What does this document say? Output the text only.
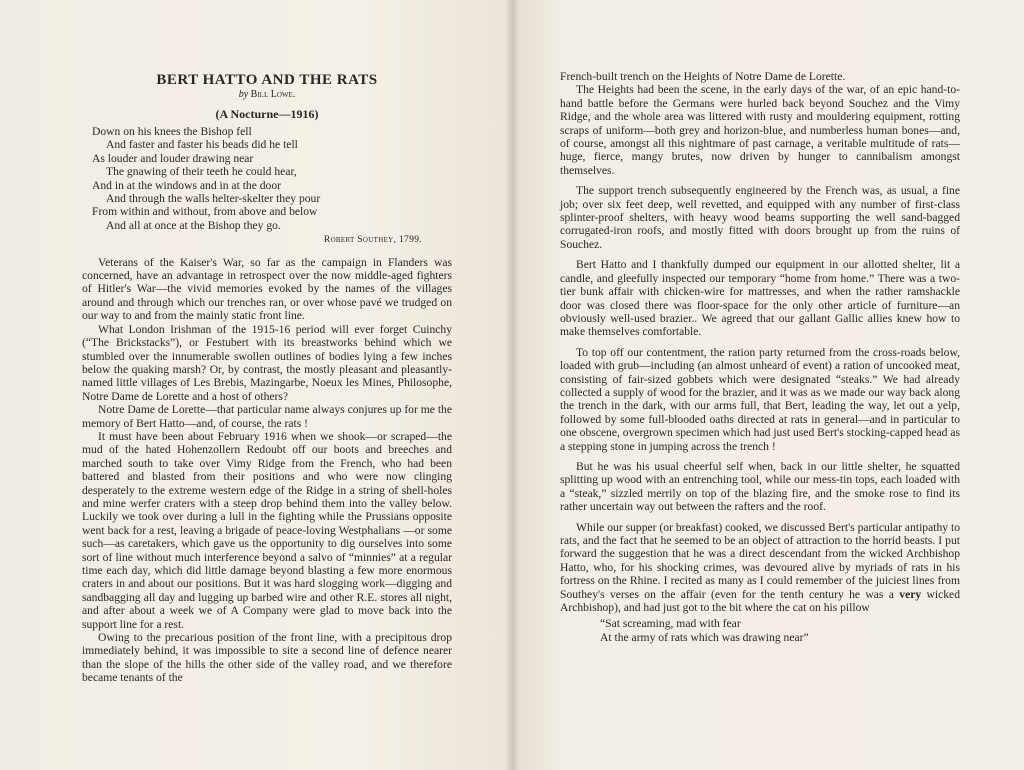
BERT HATTO AND THE RATS

by Bill Lowe.

(A Nocturne—1916)

Down on his knees the Bishop fell
And faster and faster his beads did he tell
As louder and louder drawing near
The gnawing of their teeth he could hear,
And in at the windows and in at the door
And through the walls helter-skelter they pour
From within and without, from above and below
And all at once at the Bishop they go.
Robert Southey, 1799.

Veterans of the Kaiser's War, so far as the campaign in Flanders was concerned, have an advantage in retrospect over the now middle-aged fighters of Hitler's War—the vivid memories evoked by the names of the villages around and through which our trenches ran, or over whose pavé we trudged on our way to and from the mainly static front line.

What London Irishman of the 1915-16 period will ever forget Cuinchy (“The Brickstacks”), or Festubert with its breastworks behind which we stumbled over the innumerable swollen outlines of bodies lying a few inches below the quaking marsh? Or, by contrast, the mostly pleasant and pleasantly-named little villages of Les Brebis, Mazingarbe, Noeux les Mines, Philosophe, Notre Dame de Lorette and a host of others?

Notre Dame de Lorette—that particular name always conjures up for me the memory of Bert Hatto—and, of course, the rats !

It must have been about February 1916 when we shook—or scraped—the mud of the hated Hohenzollern Redoubt off our boots and breeches and marched south to take over Vimy Ridge from the French, who had been battered and blasted from their positions and who were now clinging desperately to the extreme western edge of the Ridge in a string of shell-holes and mine werfer craters with a steep drop behind them into the valley below. Luckily we took over during a lull in the fighting while the Prussians opposite went back for a rest, leaving a brigade of peace-loving Westphalians —or some such—as caretakers, which gave us the opportunity to dig ourselves into some sort of line without much interference beyond a salvo of “minnies” at a regular time each day, which did little damage beyond blasting a few more enormous craters in and about our positions. But it was hard slogging work—digging and sandbagging all day and lugging up barbed wire and other R.E. stores all night, and after about a week we of A Company were glad to move back into the support line for a rest.

Owing to the precarious position of the front line, with a precipitous drop immediately behind, it was impossible to site a second line of defence nearer than the slope of the hills the other side of the valley road, and we therefore became tenants of the

French-built trench on the Heights of Notre Dame de Lorette.

The Heights had been the scene, in the early days of the war, of an epic hand-to-hand battle before the Germans were hurled back beyond Souchez and the Vimy Ridge, and the whole area was littered with rusty and mouldering equipment, rotting scraps of uniform—both grey and horizon-blue, and numberless human bones—and, of course, amongst all this nightmare of past carnage, a veritable multitude of rats—huge, fierce, mangy brutes, now driven by hunger to cannibalism amongst themselves.

The support trench subsequently engineered by the French was, as usual, a fine job; over six feet deep, well revetted, and equipped with any number of first-class splinter-proof shelters, with heavy wood beams supporting the well sand-bagged corrugated-iron roofs, and mostly fitted with doors brought up from the ruins of Souchez.

Bert Hatto and I thankfully dumped our equipment in our allotted shelter, lit a candle, and gleefully inspected our temporary “home from home.” There was a two-tier bunk affair with chicken-wire for mattresses, and when the rather ramshackle door was closed there was floor-space for the only other article of furniture—an obviously well-used brazier.. We agreed that our gallant Gallic allies knew how to make themselves comfortable.

To top off our contentment, the ration party returned from the cross-roads below, loaded with grub—including (an almost unheard of event) a ration of uncooked meat, consisting of fair-sized gobbets which were designated “steaks.” We had already collected a supply of wood for the brazier, and it was as we made our way back along the trench in the dark, with our arms full, that Bert, leading the way, let out a yelp, followed by some full-blooded oaths directed at rats in general—and in particular to one obscene, overgrown specimen which had just used Bert's stocking-capped head as a stepping stone in jumping across the trench !

But he was his usual cheerful self when, back in our little shelter, he squatted splitting up wood with an entrenching tool, while our mess-tin tops, each loaded with a “steak,” sizzled merrily on top of the blazing fire, and the smoke rose to find its rather uncertain way out between the rafters and the roof.

While our supper (or breakfast) cooked, we discussed Bert's particular antipathy to rats, and the fact that he seemed to be an object of attraction to the horrid beasts. I put forward the suggestion that he was a direct descendant from the wicked Archbishop Hatto, who, for his shocking crimes, was devoured alive by myriads of rats in his fortress on the Rhine. I recited as many as I could remember of the juiciest lines from Southey's verses on the affair (even for the tenth century he was a very wicked Archbishop), and had just got to the bit where the cat on his pillow

“Sat screaming, mad with fear
At the army of rats which was drawing near”
